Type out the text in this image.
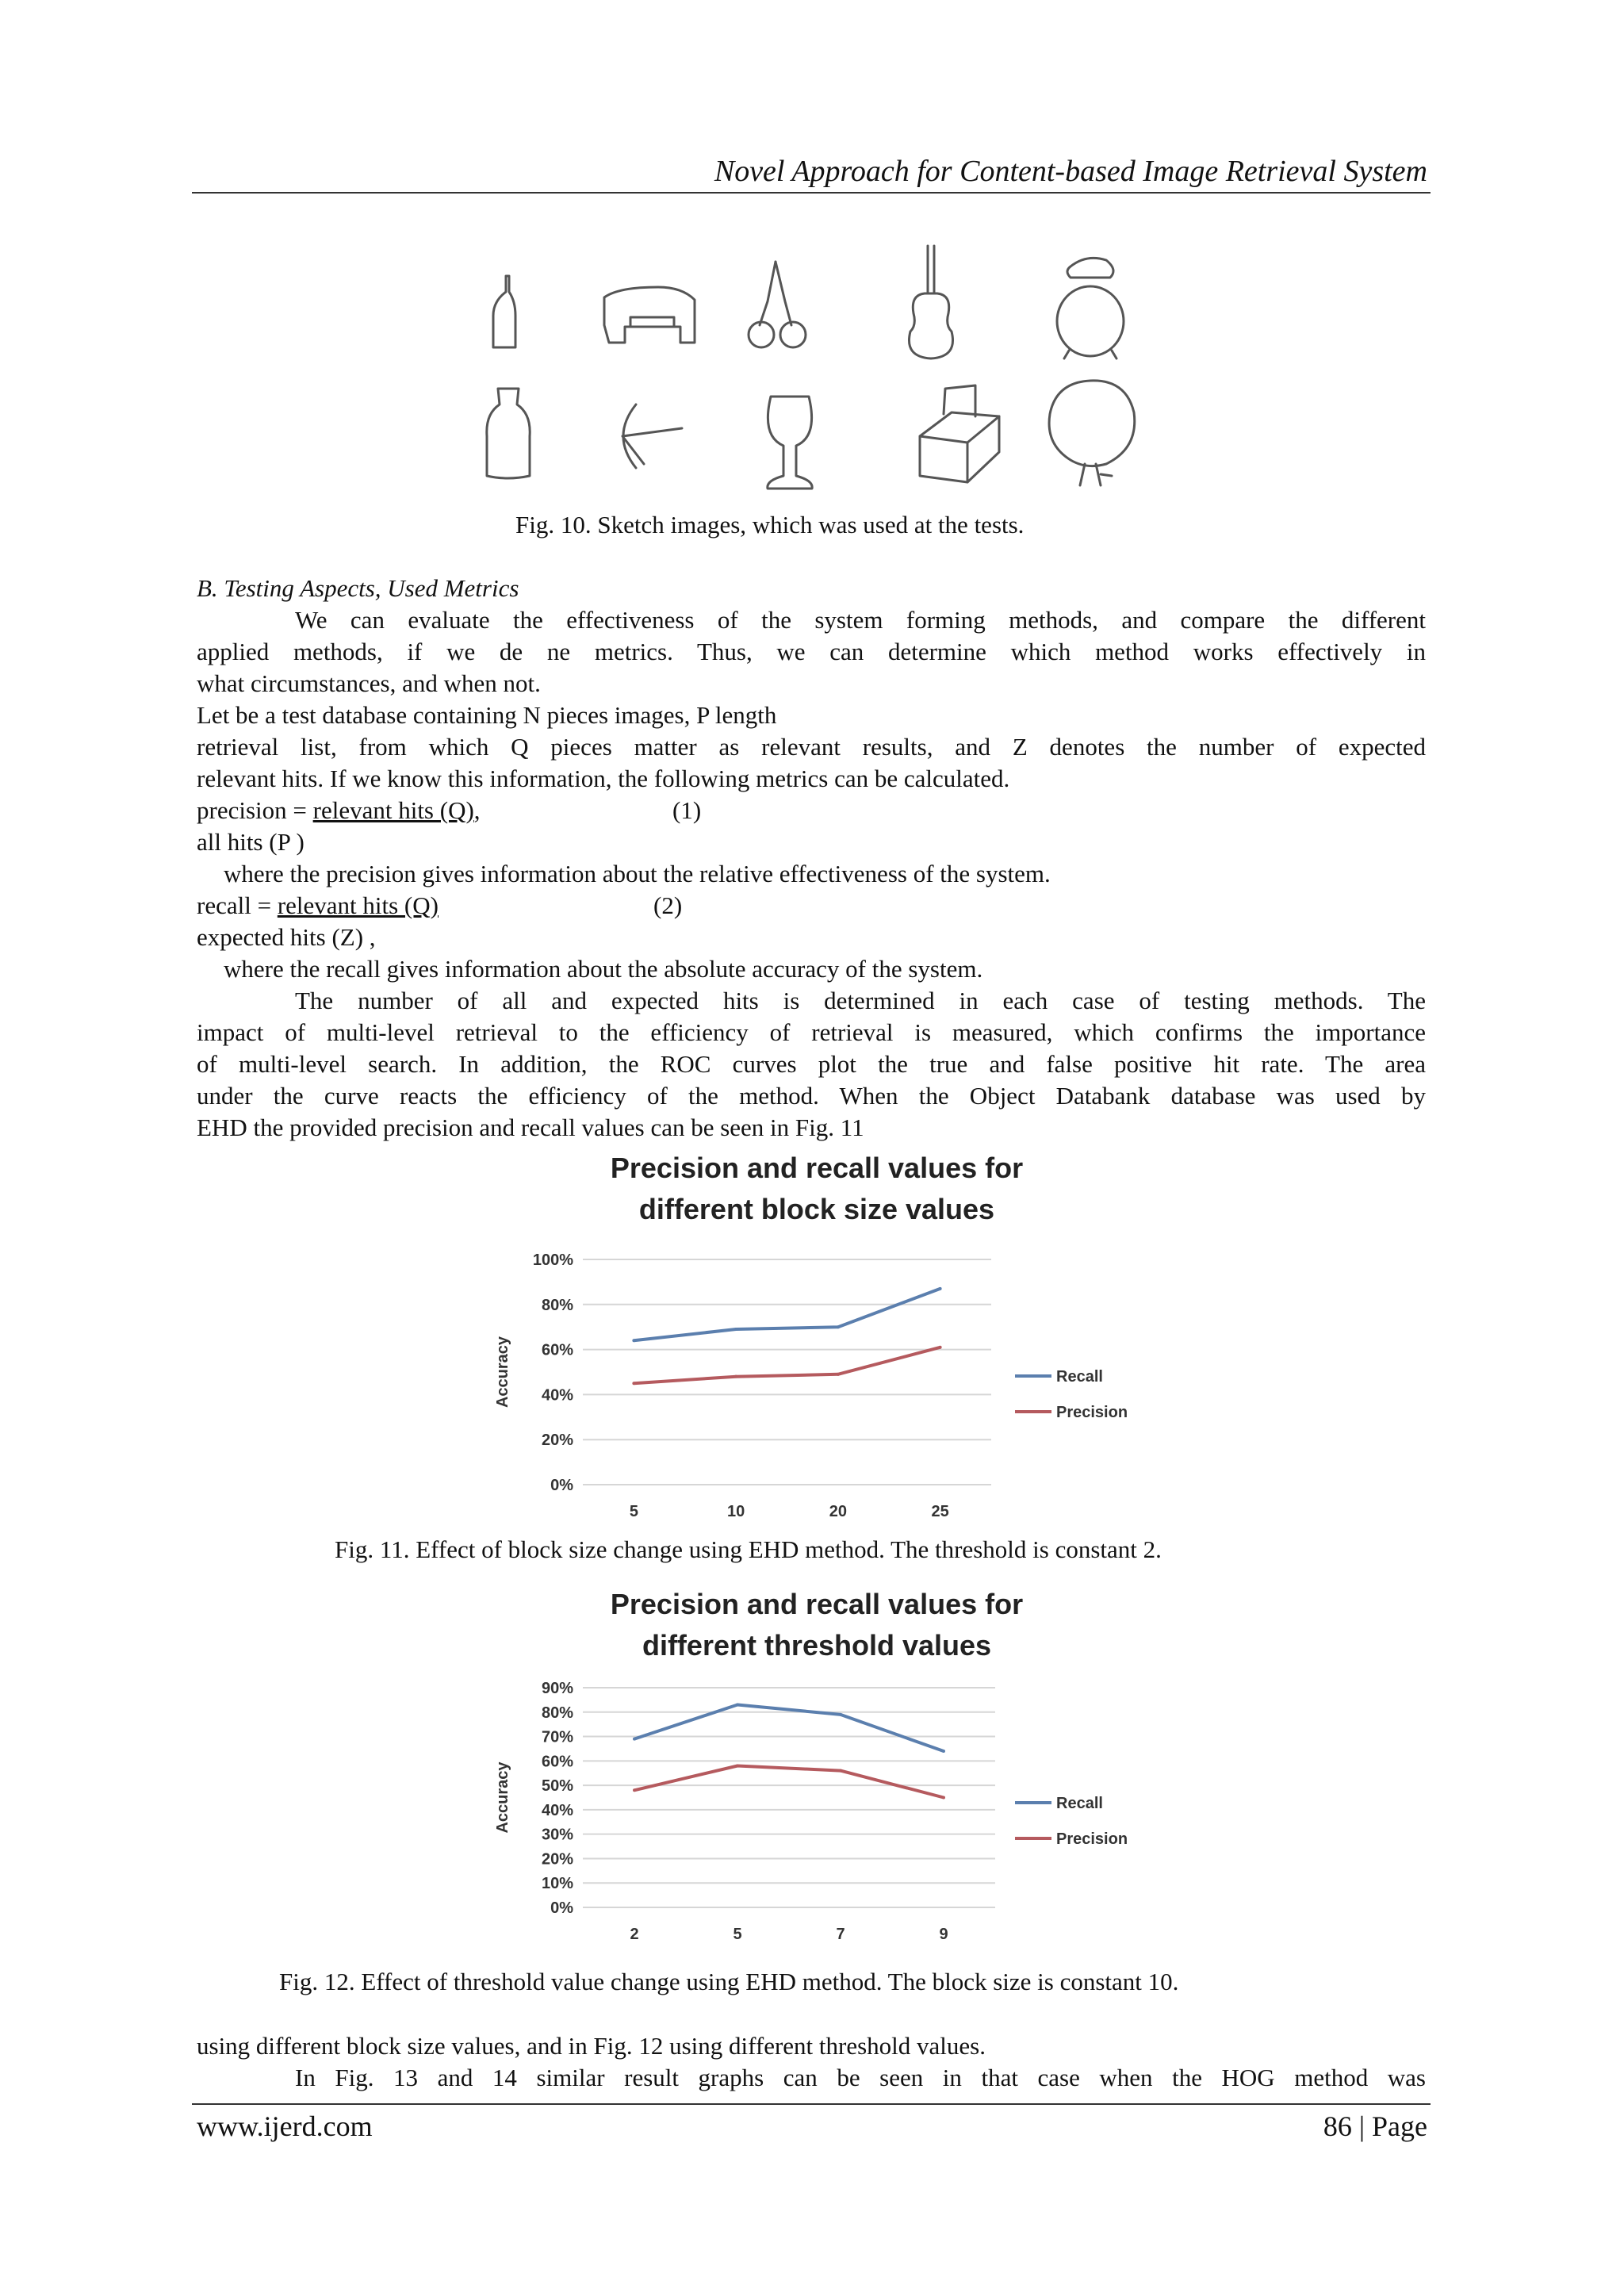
Novel Approach for Content-based Image Retrieval System
Fig. 10. Sketch images, which was used at the tests.
B. Testing Aspects, Used Metrics
We can evaluate the effectiveness of the system forming methods, and compare the different
applied methods, if we de ne metrics. Thus, we can determine which method works effectively in
what circumstances, and when not.
Let be a test database containing N pieces images, P length
retrieval list, from which Q pieces matter as relevant results, and Z denotes the number of expected
relevant hits. If we know this information, the following metrics can be calculated.
precision = relevant hits (Q),	(1)
all hits (P )
where the precision gives information about the relative effectiveness of the system.
recall = relevant hits (Q)	(2)
expected hits (Z) ,
where the recall gives information about the absolute accuracy of the system.
The number of all and expected hits is determined in each case of testing methods. The
impact of multi-level retrieval to the efficiency of retrieval is measured, which confirms the importance
of multi-level search. In addition, the ROC curves plot the true and false positive hit rate. The area
under the curve reacts the efficiency of the method. When the Object Databank database was used by
EHD the provided precision and recall values can be seen in Fig. 11
Precision and recall values for
different block size values
0%
20%
40%
60%
80%
100%
5	10	20	25
Accuracy	Recall
Precision
Fig. 11. Effect of block size change using EHD method. The threshold is constant 2.
Precision and recall values for
different threshold values
0%
10%
20%
30%
40%
50%
60%
70%
80%
90%
2	5	7	9
Accuracy	Recall
Precision
Fig. 12. Effect of threshold value change using EHD method. The block size is constant 10.
using different block size values, and in Fig. 12 using different threshold values.
In Fig. 13 and 14 similar result graphs can be seen in that case when the HOG method was
www.ijerd.com	86 | Page
